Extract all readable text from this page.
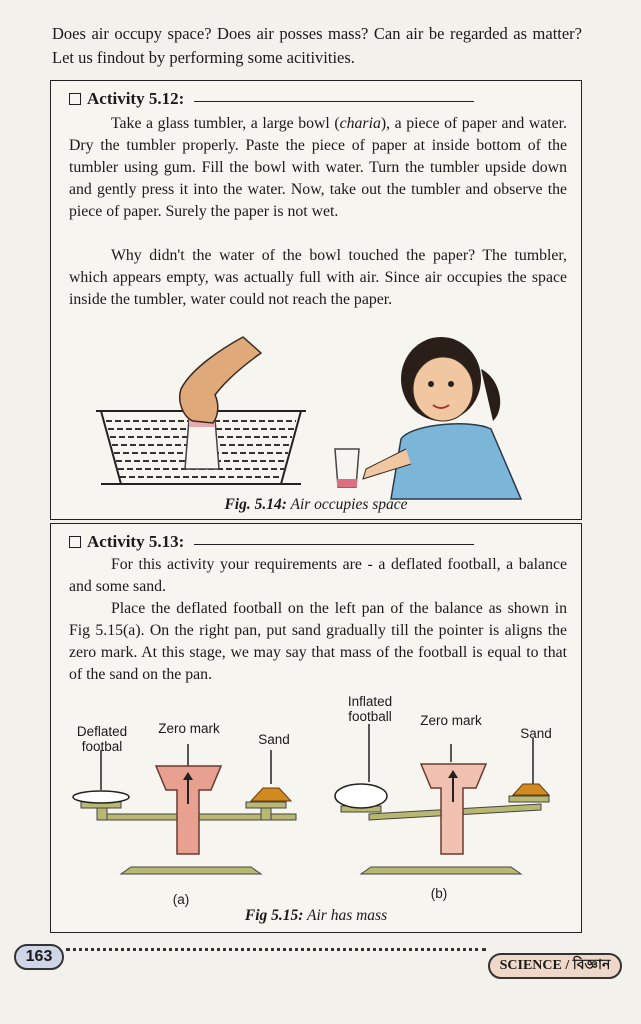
Does air occupy space? Does air posses mass? Can air be regarded as matter? Let us findout by performing some acitivities.
Activity 5.12:
Take a glass tumbler, a large bowl (charia), a piece of paper and water. Dry the tumbler properly. Paste the piece of paper at inside bottom of the tumbler using gum. Fill the bowl with water. Turn the tumbler upside down and gently press it into the water. Now, take out the tumbler and observe the piece of paper. Surely the paper is not wet.
Why didn't the water of the bowl touched the paper? The tumbler, which appears empty, was actually full with air. Since air occupies the space inside the tumbler, water could not reach the paper.
Fig. 5.14: Air occupies space
Activity 5.13:
For this activity your requirements are - a deflated football, a balance and some sand.
Place the deflated football on the left pan of the balance as shown in Fig 5.15(a). On the right pan, put sand gradually till the pointer is aligns the zero mark. At this stage, we may say that mass of the football is equal to that of the sand on the pan.
Deflated footbal
Zero mark
Sand
(a)
Inflated football	Zero mark
Sand
(b)
Fig 5.15: Air has mass
163
SCIENCE / বিজ্ঞান
